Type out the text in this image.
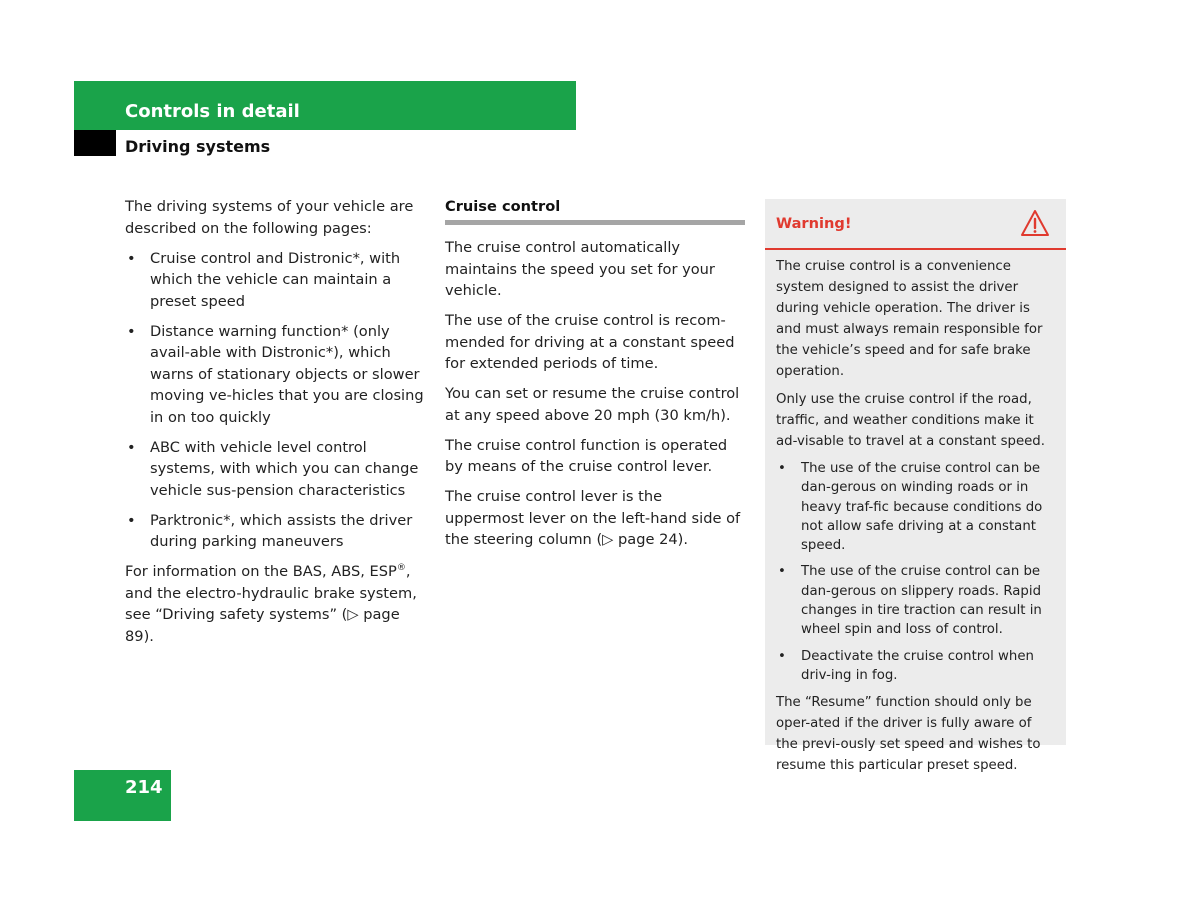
Controls in detail
Driving systems

The driving systems of your vehicle are described on the following pages:

• Cruise control and Distronic*, with which the vehicle can maintain a preset speed
• Distance warning function* (only avail-able with Distronic*), which warns of stationary objects or slower moving ve-hicles that you are closing in on too quickly
• ABC with vehicle level control systems, with which you can change vehicle sus-pension characteristics
• Parktronic*, which assists the driver during parking maneuvers

For information on the BAS, ABS, ESP®, and the electro-hydraulic brake system, see “Driving safety systems” (▷ page 89).

Cruise control

The cruise control automatically maintains the speed you set for your vehicle.

The use of the cruise control is recom-mended for driving at a constant speed for extended periods of time.

You can set or resume the cruise control at any speed above 20 mph (30 km/h).

The cruise control function is operated by means of the cruise control lever.

The cruise control lever is the uppermost lever on the left-hand side of the steering column (▷ page 24).

Warning!

The cruise control is a convenience system designed to assist the driver during vehicle operation. The driver is and must always remain responsible for the vehicle’s speed and for safe brake operation.

Only use the cruise control if the road, traffic, and weather conditions make it ad-visable to travel at a constant speed.

• The use of the cruise control can be dan-gerous on winding roads or in heavy traf-fic because conditions do not allow safe driving at a constant speed.
• The use of the cruise control can be dan-gerous on slippery roads. Rapid changes in tire traction can result in wheel spin and loss of control.
• Deactivate the cruise control when driv-ing in fog.

The “Resume” function should only be oper-ated if the driver is fully aware of the previ-ously set speed and wishes to resume this particular preset speed.

214
